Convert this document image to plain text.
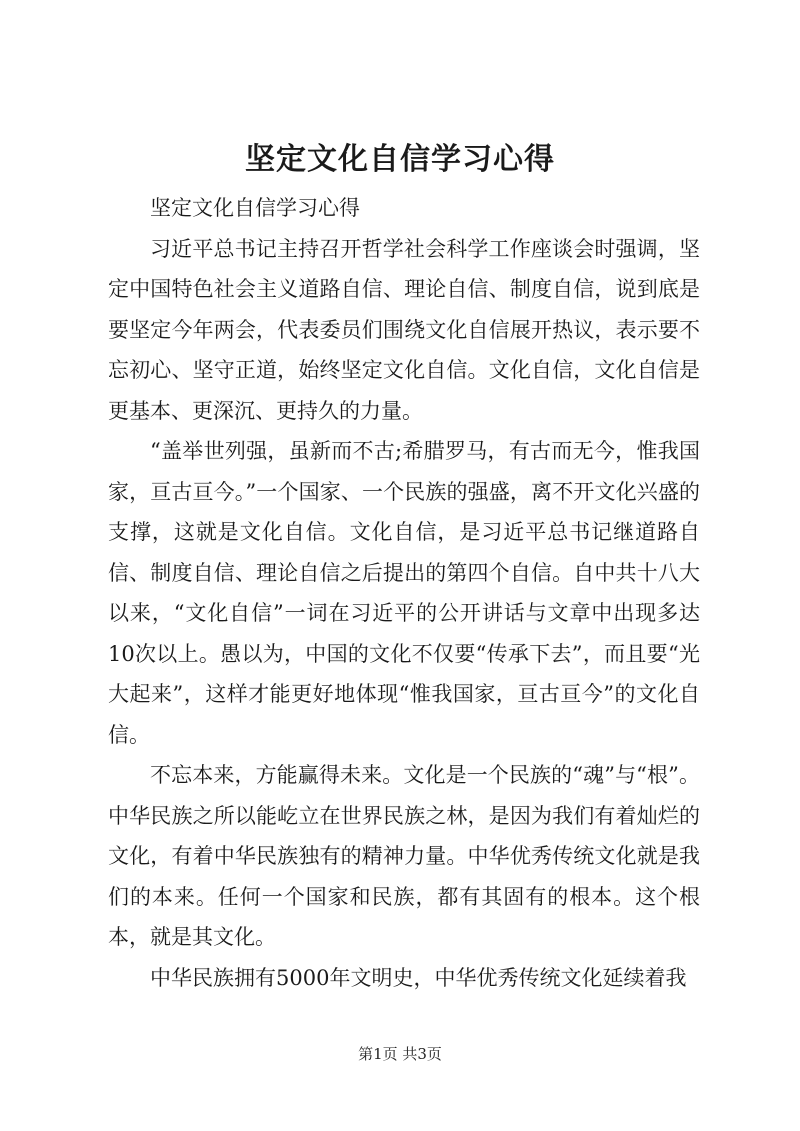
坚定文化自信学习心得

坚定文化自信学习心得

习近平总书记主持召开哲学社会科学工作座谈会时强调，坚定中国特色社会主义道路自信、理论自信、制度自信，说到底是要坚定今年两会，代表委员们围绕文化自信展开热议，表示要不忘初心、坚守正道，始终坚定文化自信。文化自信，文化自信是更基本、更深沉、更持久的力量。

“盖举世列强，虽新而不古;希腊罗马，有古而无今，惟我国家，亘古亘今。”一个国家、一个民族的强盛，离不开文化兴盛的支撑，这就是文化自信。文化自信，是习近平总书记继道路自信、制度自信、理论自信之后提出的第四个自信。自中共十八大以来，“文化自信”一词在习近平的公开讲话与文章中出现多达10次以上。愚以为，中国的文化不仅要“传承下去”，而且要“光大起来”，这样才能更好地体现“惟我国家，亘古亘今”的文化自信。

不忘本来，方能赢得未来。文化是一个民族的“魂”与“根”。中华民族之所以能屹立在世界民族之林，是因为我们有着灿烂的文化，有着中华民族独有的精神力量。中华优秀传统文化就是我们的本来。任何一个国家和民族，都有其固有的根本。这个根本，就是其文化。

中华民族拥有5000年文明史，中华优秀传统文化延续着我

第1页 共3页
